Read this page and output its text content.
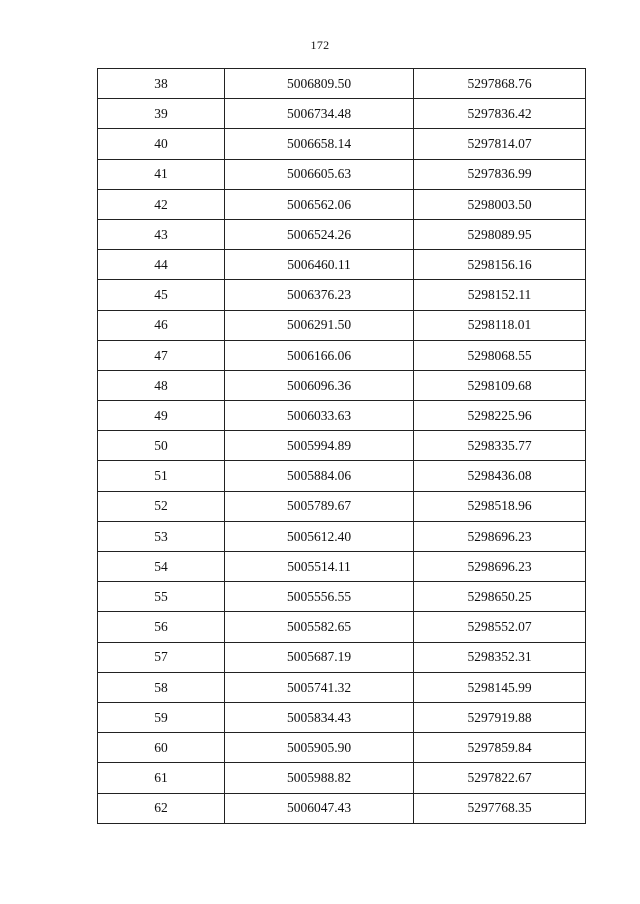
172
38	5006809.50	5297868.76
39	5006734.48	5297836.42
40	5006658.14	5297814.07
41	5006605.63	5297836.99
42	5006562.06	5298003.50
43	5006524.26	5298089.95
44	5006460.11	5298156.16
45	5006376.23	5298152.11
46	5006291.50	5298118.01
47	5006166.06	5298068.55
48	5006096.36	5298109.68
49	5006033.63	5298225.96
50	5005994.89	5298335.77
51	5005884.06	5298436.08
52	5005789.67	5298518.96
53	5005612.40	5298696.23
54	5005514.11	5298696.23
55	5005556.55	5298650.25
56	5005582.65	5298552.07
57	5005687.19	5298352.31
58	5005741.32	5298145.99
59	5005834.43	5297919.88
60	5005905.90	5297859.84
61	5005988.82	5297822.67
62	5006047.43	5297768.35
